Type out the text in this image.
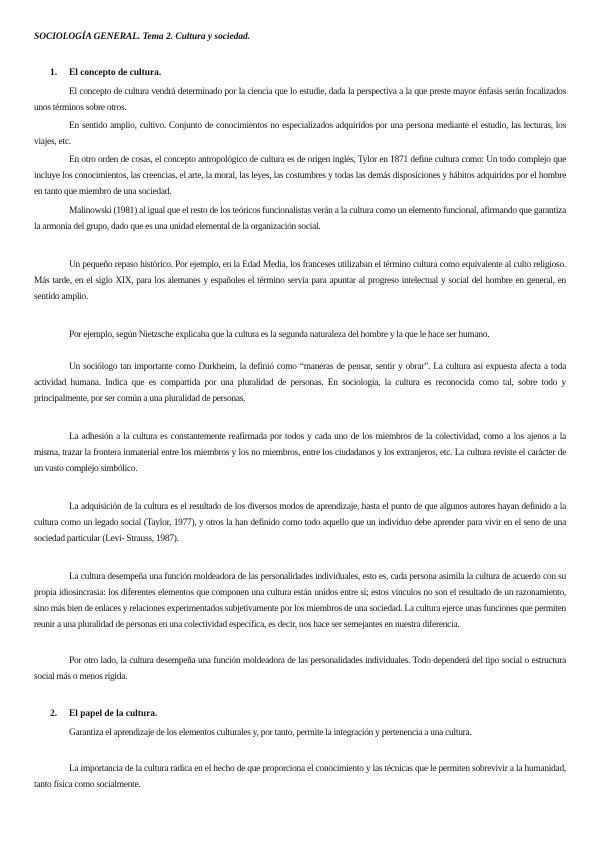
SOCIOLOGÍA GENERAL. Tema 2. Cultura y sociedad.
1. El concepto de cultura.

El concepto de cultura vendrá determinado por la ciencia que lo estudie, dada la perspectiva a la que preste mayor énfasis serán focalizados unos términos sobre otros.

En sentido amplio, cultivo. Conjunto de conocimientos no especializados adquiridos por una persona mediante el estudio, las lecturas, los viajes, etc.

En otro orden de cosas, el concepto antropológico de cultura es de origen inglés, Tylor en 1871 define cultura como: Un todo complejo que incluye los conocimientos, las creencias, el arte, la moral, las leyes, las costumbres y todas las demás disposiciones y hábitos adquiridos por el hombre en tanto que miembro de una sociedad.

Malinowski (1981) al igual que el resto de los teóricos funcionalistas verán a la cultura como un elemento funcional, afirmando que garantiza la armonía del grupo, dado que es una unidad elemental de la organización social.

Un pequeño repaso histórico. Por ejemplo, en la Edad Media, los franceses utilizaban el término cultura como equivalente al culto religioso. Más tarde, en el siglo XIX, para los alemanes y españoles el término servía para apuntar al progreso intelectual y social del hombre en general, en sentido amplio.

Por ejemplo, según Nietzsche explicaba que la cultura es la segunda naturaleza del hombre y la que le hace ser humano.

Un sociólogo tan importante como Durkheim, la definió como “maneras de pensar, sentir y obrar”. La cultura así expuesta afecta a toda actividad humana. Indica que es compartida por una pluralidad de personas. En sociología, la cultura es reconocida como tal, sobre todo y principalmente, por ser común a una pluralidad de personas.

La adhesión a la cultura es constantemente reafirmada por todos y cada uno de los miembros de la colectividad, como a los ajenos a la misma, trazar la frontera inmaterial entre los miembros y los no miembros, entre los ciudadanos y los extranjeros, etc. La cultura reviste el carácter de un vasto complejo simbólico.

La adquisición de la cultura es el resultado de los diversos modos de aprendizaje, hasta el punto de que algunos autores hayan definido a la cultura como un legado social (Taylor, 1977), y otros la han definido como todo aquello que un individuo debe aprender para vivir en el seno de una sociedad particular (Levi- Strauss, 1987).

La cultura desempeña una función moldeadora de las personalidades individuales, esto es, cada persona asimila la cultura de acuerdo con su propia idiosincrasia: los diferentes elementos que componen una cultura están unidos entre sí; estos vínculos no son el resultado de un razonamiento, sino más bien de enlaces y relaciones experimentados subjetivamente por los miembros de una sociedad. La cultura ejerce unas funciones que permiten reunir a una pluralidad de personas en una colectividad específica, es decir, nos hace ser semejantes en nuestra diferencia.

Por otro lado, la cultura desempeña una función moldeadora de las personalidades individuales. Todo dependerá del tipo social o estructura social más o menos rígida.

2. El papel de la cultura.

Garantiza el aprendizaje de los elementos culturales y, por tanto, permite la integración y pertenencia a una cultura.

La importancia de la cultura radica en el hecho de que proporciona el conocimiento y las técnicas que le permiten sobrevivir a la humanidad, tanto física como socialmente.
